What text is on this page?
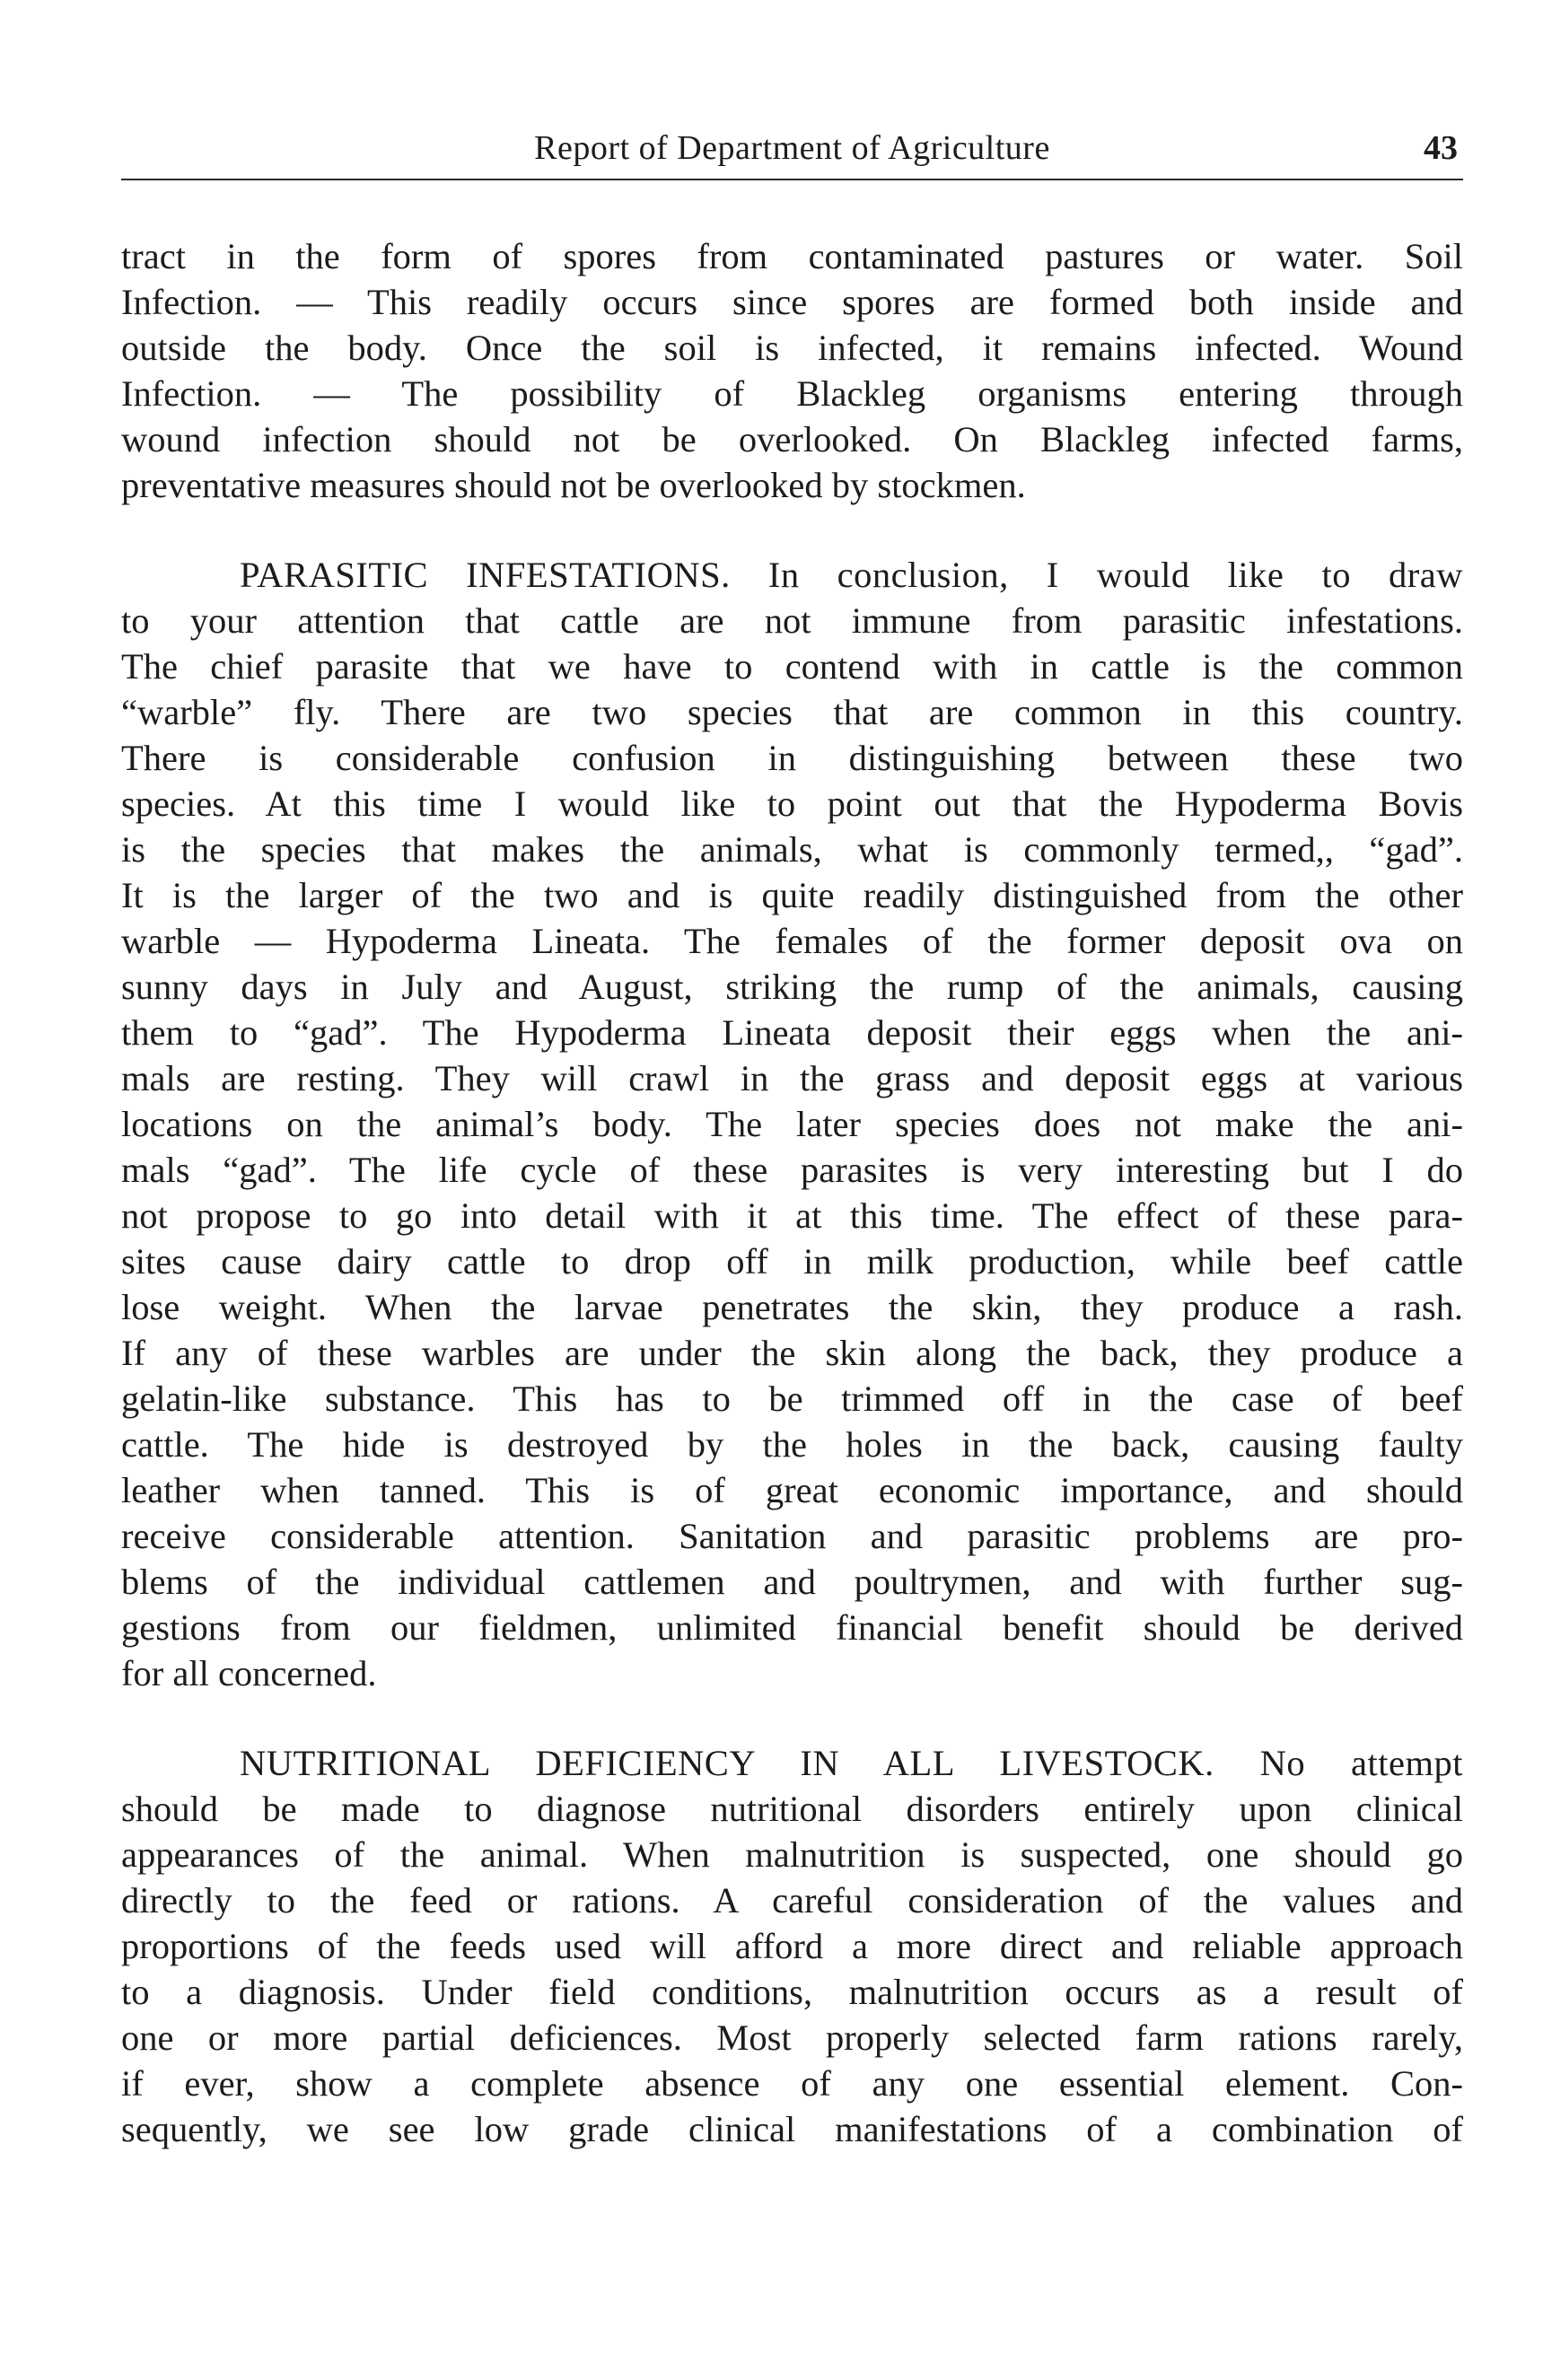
Report of Department of Agriculture	43

tract in the form of spores from contaminated pastures or water. Soil
Infection. — This readily occurs since spores are formed both inside and
outside the body. Once the soil is infected, it remains infected. Wound
Infection. — The possibility of Blackleg organisms entering through
wound infection should not be overlooked. On Blackleg infected farms,
preventative measures should not be overlooked by stockmen.

PARASITIC INFESTATIONS. In conclusion, I would like to draw
to your attention that cattle are not immune from parasitic infestations.
The chief parasite that we have to contend with in cattle is the common
“warble” fly. There are two species that are common in this country.
There is considerable confusion in distinguishing between these two
species. At this time I would like to point out that the Hypoderma Bovis
is the species that makes the animals, what is commonly termed,, “gad”.
It is the larger of the two and is quite readily distinguished from the other
warble — Hypoderma Lineata. The females of the former deposit ova on
sunny days in July and August, striking the rump of the animals, causing
them to “gad”. The Hypoderma Lineata deposit their eggs when the ani-
mals are resting. They will crawl in the grass and deposit eggs at various
locations on the animal’s body. The later species does not make the ani-
mals “gad”. The life cycle of these parasites is very interesting but I do
not propose to go into detail with it at this time. The effect of these para-
sites cause dairy cattle to drop off in milk production, while beef cattle
lose weight. When the larvae penetrates the skin, they produce a rash.
If any of these warbles are under the skin along the back, they produce a
gelatin-like substance. This has to be trimmed off in the case of beef
cattle. The hide is destroyed by the holes in the back, causing faulty
leather when tanned. This is of great economic importance, and should
receive considerable attention. Sanitation and parasitic problems are pro-
blems of the individual cattlemen and poultrymen, and with further sug-
gestions from our fieldmen, unlimited financial benefit should be derived
for all concerned.

NUTRITIONAL DEFICIENCY IN ALL LIVESTOCK. No attempt
should be made to diagnose nutritional disorders entirely upon clinical
appearances of the animal. When malnutrition is suspected, one should go
directly to the feed or rations. A careful consideration of the values and
proportions of the feeds used will afford a more direct and reliable approach
to a diagnosis. Under field conditions, malnutrition occurs as a result of
one or more partial deficiences. Most properly selected farm rations rarely,
if ever, show a complete absence of any one essential element. Con-
sequently, we see low grade clinical manifestations of a combination of
